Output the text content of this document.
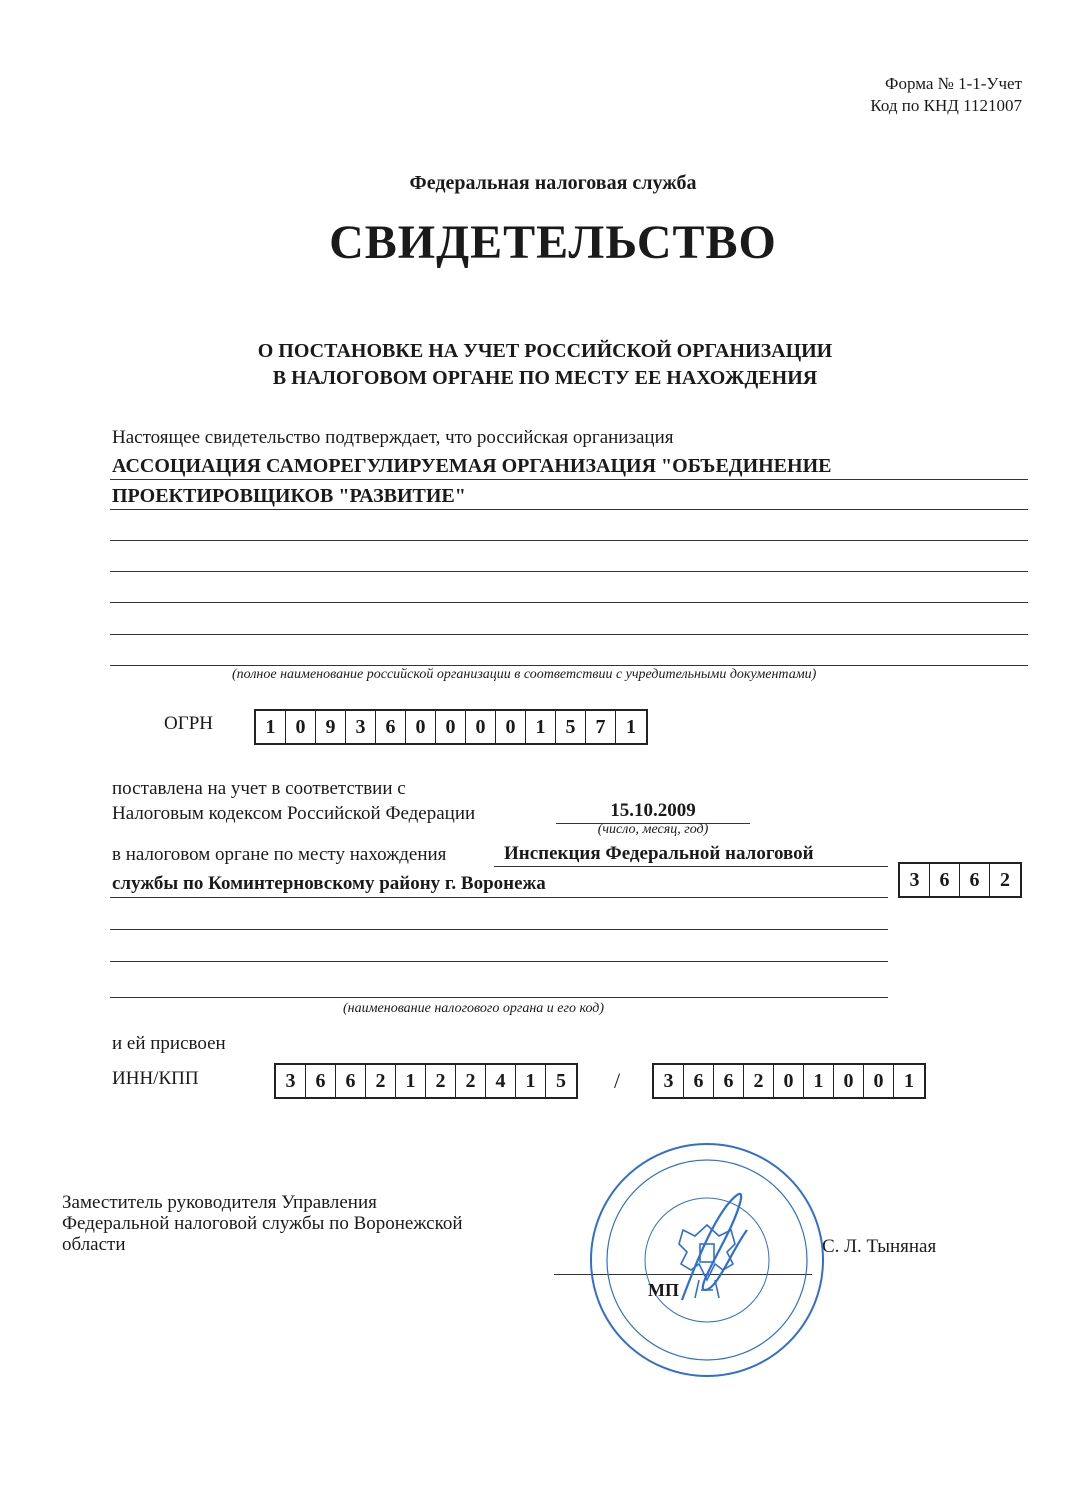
Форма № 1-1-Учет
Код по КНД 1121007
Федеральная налоговая служба
СВИДЕТЕЛЬСТВО
О ПОСТАНОВКЕ НА УЧЕТ РОССИЙСКОЙ ОРГАНИЗАЦИИ
В НАЛОГОВОМ ОРГАНЕ ПО МЕСТУ ЕЕ НАХОЖДЕНИЯ
Настоящее свидетельство подтверждает, что российская организация
АССОЦИАЦИЯ САМОРЕГУЛИРУЕМАЯ ОРГАНИЗАЦИЯ "ОБЪЕДИНЕНИЕ
ПРОЕКТИРОВЩИКОВ "РАЗВИТИЕ"
(полное наименование российской организации в соответствии с учредительными документами)
ОГРН	1	0	9	3	6	0	0	0	0	1	5	7	1
поставлена на учет в соответствии с
Налоговым кодексом Российской Федерации	15.10.2009
(число, месяц, год)
в налоговом органе по месту нахождения	Инспекция Федеральной налоговой
службы по Коминтерновскому району г. Воронежа	3	6	6	2
(наименование налогового органа и его код)
и ей присвоен
ИНН/КПП	3	6	6	2	1	2	2	4	1	5	/	3	6	6	2	0	1	0	0	1
Заместитель руководителя Управления
Федеральной налоговой службы по Воронежской
области	С. Л. Тыняная
МП
